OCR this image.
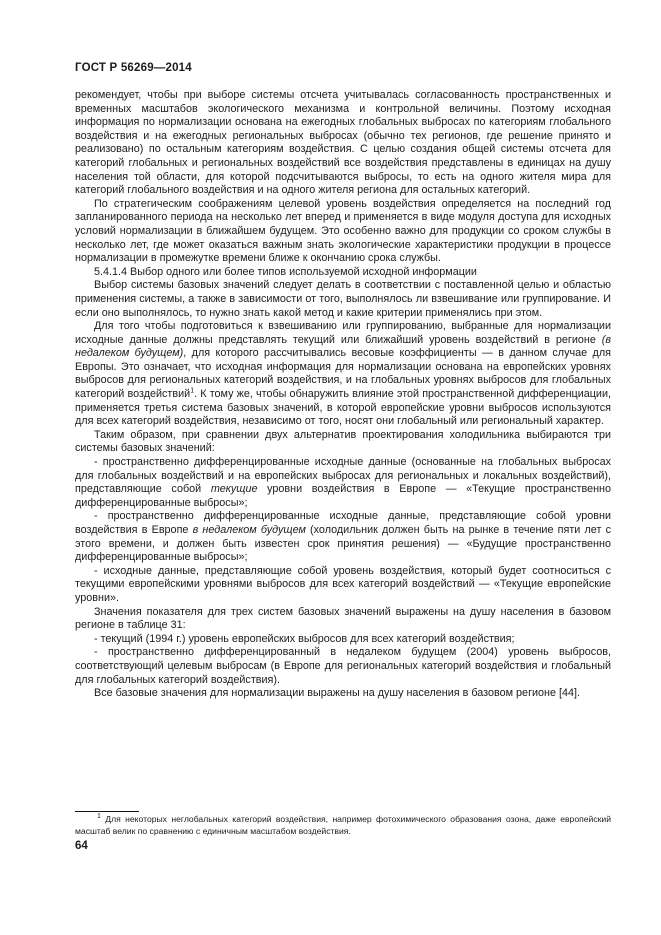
ГОСТ Р 56269—2014

рекомендует, чтобы при выборе системы отсчета учитывалась согласованность пространственных и временных масштабов экологического механизма и контрольной величины. Поэтому исходная информация по нормализации основана на ежегодных глобальных выбросах по категориям глобального воздействия и на ежегодных региональных выбросах (обычно тех регионов, где решение принято и реализовано) по остальным категориям воздействия. С целью создания общей системы отсчета для категорий глобальных и региональных воздействий все воздействия представлены в единицах на душу населения той области, для которой подсчитываются выбросы, то есть на одного жителя мира для категорий глобального воздействия и на одного жителя региона для остальных категорий.

По стратегическим соображениям целевой уровень воздействия определяется на последний год запланированного периода на несколько лет вперед и применяется в виде модуля доступа для исходных условий нормализации в ближайшем будущем. Это особенно важно для продукции со сроком службы в несколько лет, где может оказаться важным знать экологические характеристики продукции в процессе нормализации в промежутке времени ближе к окончанию срока службы.

5.4.1.4 Выбор одного или более типов используемой исходной информации

Выбор системы базовых значений следует делать в соответствии с поставленной целью и областью применения системы, а также в зависимости от того, выполнялось ли взвешивание или группирование. И если оно выполнялось, то нужно знать какой метод и какие критерии применялись при этом.

Для того чтобы подготовиться к взвешиванию или группированию, выбранные для нормализации исходные данные должны представлять текущий или ближайший уровень воздействий в регионе (в недалеком будущем), для которого рассчитывались весовые коэффициенты — в данном случае для Европы. Это означает, что исходная информация для нормализации основана на европейских уровнях выбросов для региональных категорий воздействия, и на глобальных уровнях выбросов для глобальных категорий воздействий$^1$. К тому же, чтобы обнаружить влияние этой пространственной дифференциации, применяется третья система базовых значений, в которой европейские уровни выбросов используются для всех категорий воздействия, независимо от того, носят они глобальный или региональный характер.

Таким образом, при сравнении двух альтернатив проектирования холодильника выбираются три системы базовых значений:

- пространственно дифференцированные исходные данные (основанные на глобальных выбросах для глобальных воздействий и на европейских выбросах для региональных и локальных воздействий), представляющие собой текущие уровни воздействия в Европе — «Текущие пространственно дифференцированные выбросы»;

- пространственно дифференцированные исходные данные, представляющие собой уровни воздействия в Европе в недалеком будущем (холодильник должен быть на рынке в течение пяти лет с этого времени, и должен быть известен срок принятия решения) — «Будущие пространственно дифференцированные выбросы»;

- исходные данные, представляющие собой уровень воздействия, который будет соотноситься с текущими европейскими уровнями выбросов для всех категорий воздействий — «Текущие европейские уровни».

Значения показателя для трех систем базовых значений выражены на душу населения в базовом регионе в таблице 31:

- текущий (1994 г.) уровень европейских выбросов для всех категорий воздействия;

- пространственно дифференцированный в недалеком будущем (2004) уровень выбросов, соответствующий целевым выбросам (в Европе для региональных категорий воздействия и глобальный для глобальных категорий воздействия).

Все базовые значения для нормализации выражены на душу населения в базовом регионе [44].

$^1$ Для некоторых неглобальных категорий воздействия, например фотохимического образования озона, даже европейский масштаб велик по сравнению с единичным масштабом воздействия.
64
